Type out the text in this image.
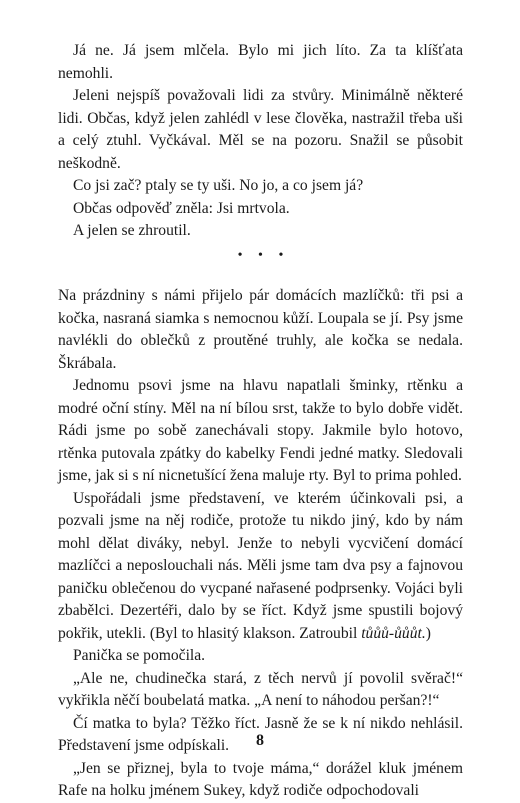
Já ne. Já jsem mlčela. Bylo mi jich líto. Za ta klíšťata nemohli.

Jeleni nejspíš považovali lidi za stvůry. Minimálně některé lidi. Občas, když jelen zahlédl v lese člověka, nastražil třeba uši a celý ztuhl. Vyčkával. Měl se na pozoru. Snažil se působit neškodně.

Co jsi zač? ptaly se ty uši. No jo, a co jsem já?

Občas odpověď zněla: Jsi mrtvola.

A jelen se zhroutil.

• • •

Na prázdniny s námi přijelo pár domácích mazlíčků: tři psi a kočka, nasraná siamka s nemocnou kůží. Loupala se jí. Psy jsme navlékli do oblečků z proutěné truhly, ale kočka se nedala. Škrábala.

Jednomu psovi jsme na hlavu napatlali šminky, rtěnku a modré oční stíny. Měl na ní bílou srst, takže to bylo dobře vidět. Rádi jsme po sobě zanechávali stopy. Jakmile bylo hotovo, rtěnka putovala zpátky do kabelky Fendi jedné matky. Sledovali jsme, jak si s ní nicnetušící žena maluje rty. Byl to prima pohled.

Uspořádali jsme představení, ve kterém účinkovali psi, a pozvali jsme na něj rodiče, protože tu nikdo jiný, kdo by nám mohl dělat diváky, nebyl. Jenže to nebyli vycvičení domácí mazlíčci a neposlouchali nás. Měli jsme tam dva psy a fajnovou paničku oblečenou do vycpané nařasené podprsenky. Vojáci byli zbabělci. Dezertéři, dalo by se říct. Když jsme spustili bojový pokřik, utekli. (Byl to hlasitý klakson. Zatroubil tůůů-ůůůt.)

Panička se pomočila.

„Ale ne, chudinečka stará, z těch nervů jí povolil svěrač!“ vykřikla něčí boubelatá matka. „A není to náhodou peršan?!“

Čí matka to byla? Těžko říct. Jasně že se k ní nikdo nehlásil. Představení jsme odpískali.

„Jen se přiznej, byla to tvoje máma,“ dorážel kluk jménem Rafe na holku jménem Sukey, když rodiče odpochodovali

8
